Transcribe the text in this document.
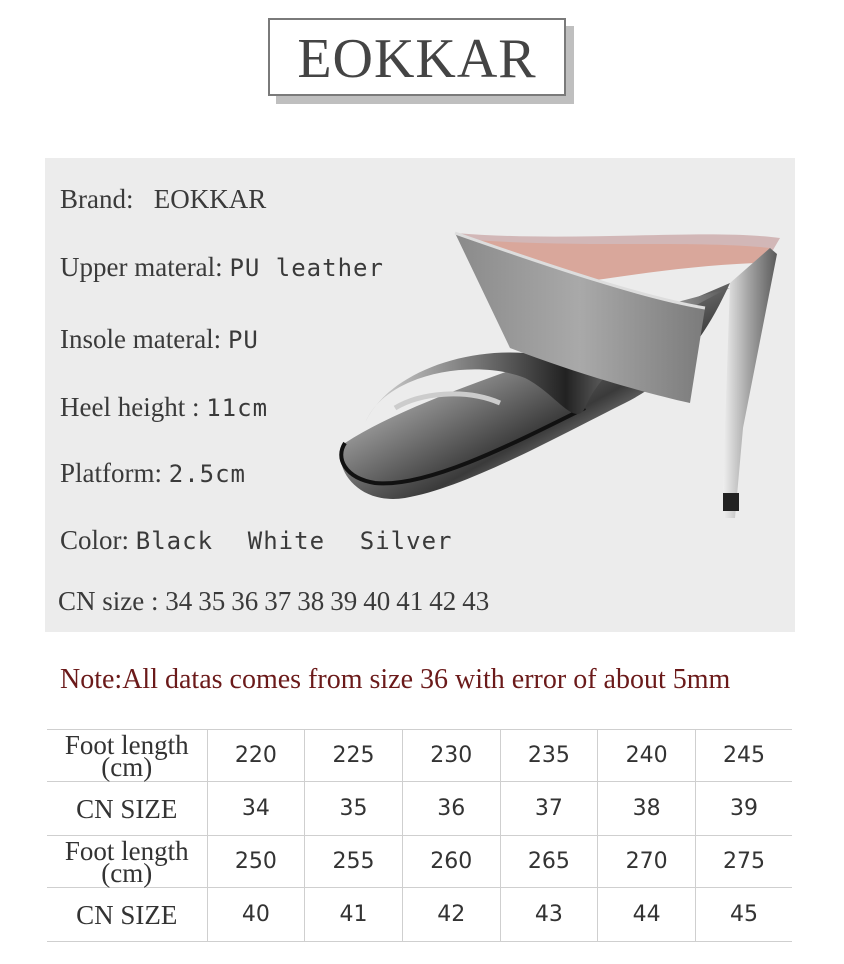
EOKKAR
Brand: EOKKAR
Upper materal: PU leather
Insole materal: PU
Heel height : 11cm
Platform: 2.5cm
Color: Black White Silver
CN size : 34 35 36 37 38 39 40 41 42 43
Note:All datas comes from size 36 with error of about 5mm
Foot length (cm)	220	225	230	235	240	245
CN SIZE	34	35	36	37	38	39
Foot length (cm)	250	255	260	265	270	275
CN SIZE	40	41	42	43	44	45
